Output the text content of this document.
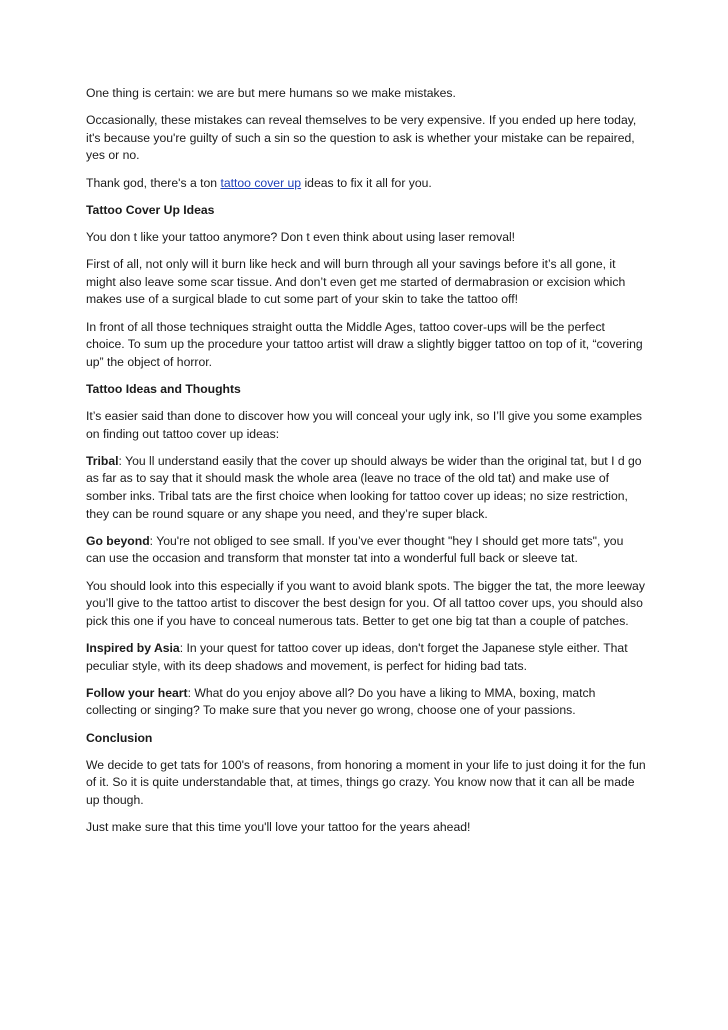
One thing is certain: we are but mere humans so we make mistakes.

Occasionally, these mistakes can reveal themselves to be very expensive. If you ended up here today, it's because you're guilty of such a sin so the question to ask is whether your mistake can be repaired, yes or no.

Thank god, there's a ton tattoo cover up ideas to fix it all for you.

Tattoo Cover Up Ideas

You don t like your tattoo anymore? Don t even think about using laser removal!

First of all, not only will it burn like heck and will burn through all your savings before it’s all gone, it might also leave some scar tissue. And don’t even get me started of dermabrasion or excision which makes use of a surgical blade to cut some part of your skin to take the tattoo off!

In front of all those techniques straight outta the Middle Ages, tattoo cover-ups will be the perfect choice. To sum up the procedure your tattoo artist will draw a slightly bigger tattoo on top of it, “covering up” the object of horror.

Tattoo Ideas and Thoughts

It’s easier said than done to discover how you will conceal your ugly ink, so I’ll give you some examples on finding out tattoo cover up ideas:

Tribal: You ll understand easily that the cover up should always be wider than the original tat, but I d go as far as to say that it should mask the whole area (leave no trace of the old tat) and make use of somber inks. Tribal tats are the first choice when looking for tattoo cover up ideas; no size restriction, they can be round square or any shape you need, and they’re super black.

Go beyond: You're not obliged to see small. If you’ve ever thought "hey I should get more tats", you can use the occasion and transform that monster tat into a wonderful full back or sleeve tat.

You should look into this especially if you want to avoid blank spots. The bigger the tat, the more leeway you’ll give to the tattoo artist to discover the best design for you. Of all tattoo cover ups, you should also pick this one if you have to conceal numerous tats. Better to get one big tat than a couple of patches.

Inspired by Asia: In your quest for tattoo cover up ideas, don't forget the Japanese style either. That peculiar style, with its deep shadows and movement, is perfect for hiding bad tats.

Follow your heart: What do you enjoy above all? Do you have a liking to MMA, boxing, match collecting or singing? To make sure that you never go wrong, choose one of your passions.

Conclusion

We decide to get tats for 100's of reasons, from honoring a moment in your life to just doing it for the fun of it. So it is quite understandable that, at times, things go crazy. You know now that it can all be made up though.

Just make sure that this time you'll love your tattoo for the years ahead!
